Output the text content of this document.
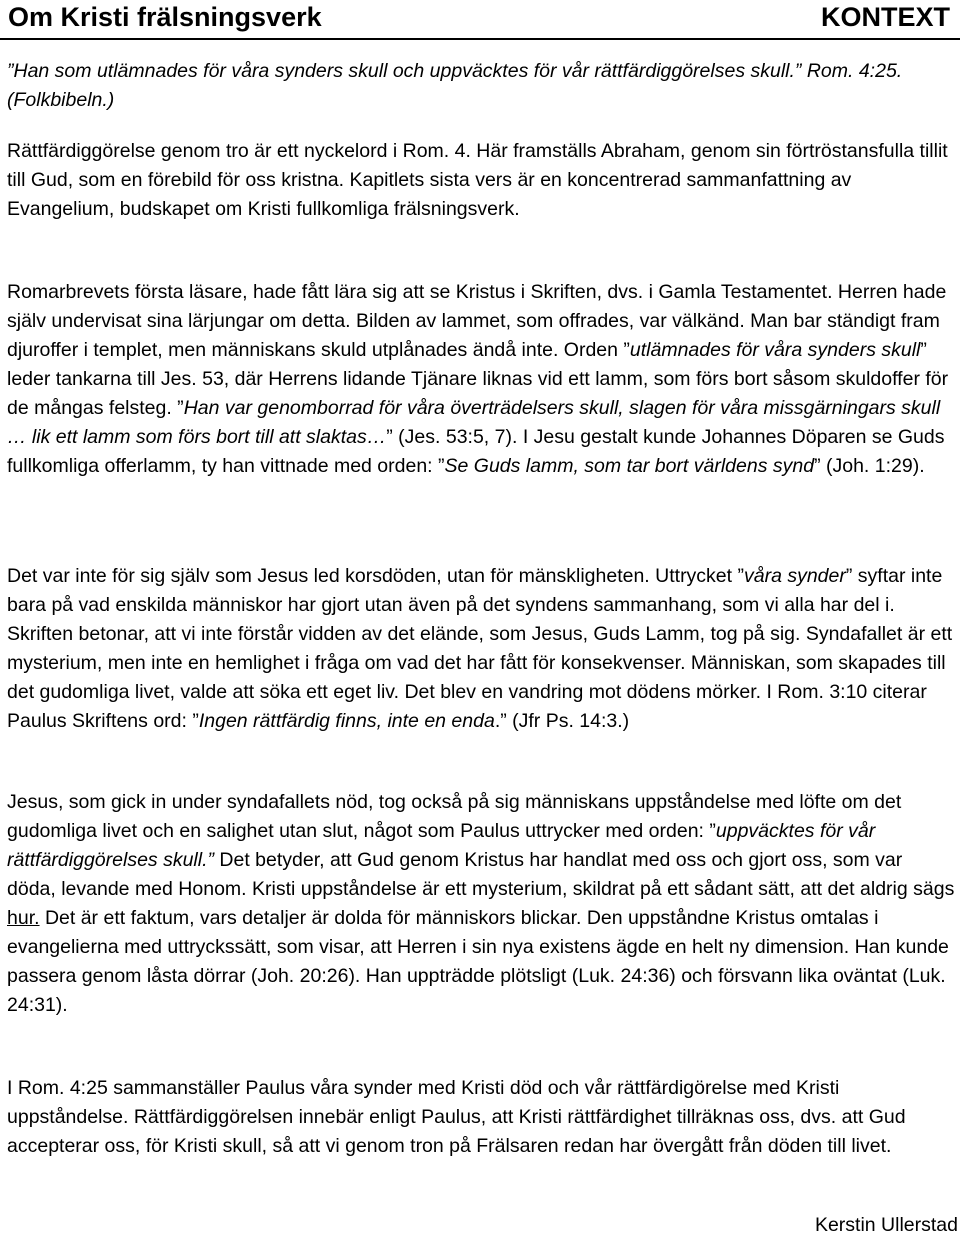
Om Kristi frälsningsverk	KONTEXT

”Han som utlämnades för våra synders skull och uppväcktes för vår rättfärdiggörelses skull.” Rom. 4:25. (Folkbibeln.)

Rättfärdiggörelse genom tro är ett nyckelord i Rom. 4. Här framställs Abraham, genom sin förtröstansfulla tillit till Gud, som en förebild för oss kristna. Kapitlets sista vers är en koncentrerad sammanfattning av Evangelium, budskapet om Kristi fullkomliga frälsningsverk.

Romarbrevets första läsare, hade fått lära sig att se Kristus i Skriften, dvs. i Gamla Testamentet. Herren hade själv undervisat sina lärjungar om detta. Bilden av lammet, som offrades, var välkänd. Man bar ständigt fram djuroffer i templet, men människans skuld utplånades ändå inte. Orden ”utlämnades för våra synders skull” leder tankarna till Jes. 53, där Herrens lidande Tjänare liknas vid ett lamm, som förs bort såsom skuldoffer för de mångas felsteg. ”Han var genomborrad för våra överträdelsers skull, slagen för våra missgärningars skull … lik ett lamm som förs bort till att slaktas…” (Jes. 53:5, 7). I Jesu gestalt kunde Johannes Döparen se Guds fullkomliga offerlamm, ty han vittnade med orden: ”Se Guds lamm, som tar bort världens synd” (Joh. 1:29).

Det var inte för sig själv som Jesus led korsdöden, utan för mänskligheten. Uttrycket ”våra synder” syftar inte bara på vad enskilda människor har gjort utan även på det syndens sammanhang, som vi alla har del i. Skriften betonar, att vi inte förstår vidden av det elände, som Jesus, Guds Lamm, tog på sig. Syndafallet är ett mysterium, men inte en hemlighet i fråga om vad det har fått för konsekvenser. Människan, som skapades till det gudomliga livet, valde att söka ett eget liv. Det blev en vandring mot dödens mörker. I Rom. 3:10 citerar Paulus Skriftens ord: ”Ingen rättfärdig finns, inte en enda.” (Jfr Ps. 14:3.)

Jesus, som gick in under syndafallets nöd, tog också på sig människans uppståndelse med löfte om det gudomliga livet och en salighet utan slut, något som Paulus uttrycker med orden: ”uppväcktes för vår rättfärdiggörelses skull.” Det betyder, att Gud genom Kristus har handlat med oss och gjort oss, som var döda, levande med Honom. Kristi uppståndelse är ett mysterium, skildrat på ett sådant sätt, att det aldrig sägs hur. Det är ett faktum, vars detaljer är dolda för människors blickar. Den uppståndne Kristus omtalas i evangelierna med uttryckssätt, som visar, att Herren i sin nya existens ägde en helt ny dimension. Han kunde passera genom låsta dörrar (Joh. 20:26). Han uppträdde plötsligt (Luk. 24:36) och försvann lika oväntat (Luk. 24:31).

I Rom. 4:25 sammanställer Paulus våra synder med Kristi död och vår rättfärdigörelse med Kristi uppståndelse. Rättfärdiggörelsen innebär enligt Paulus, att Kristi rättfärdighet tillräknas oss, dvs. att Gud accepterar oss, för Kristi skull, så att vi genom tron på Frälsaren redan har övergått från döden till livet.

Kerstin Ullerstad
